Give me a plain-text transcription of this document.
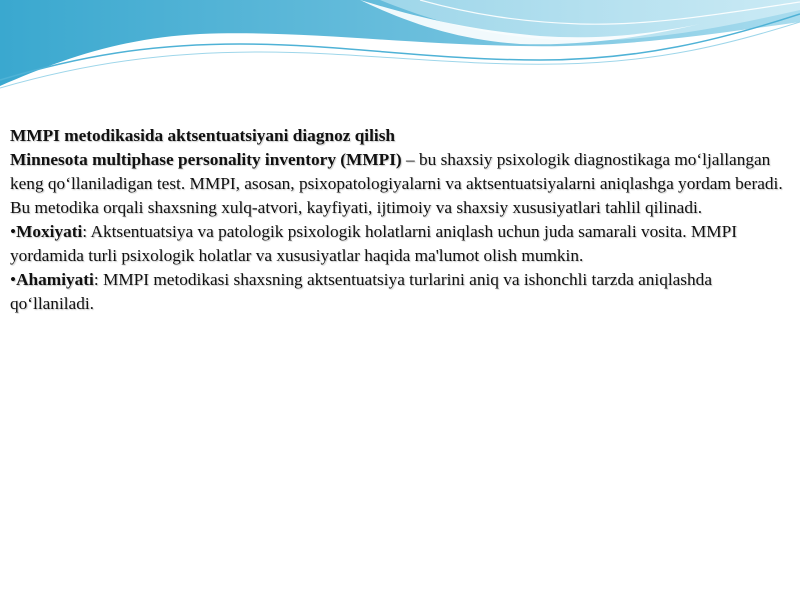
MMPI metodikasida aktsentuatsiyani diagnoz qilish

Minnesota multiphase personality inventory (MMPI) – bu shaxsiy psixologik diagnostikaga mo‘ljallangan keng qo‘llaniladigan test. MMPI, asosan, psixopatologiyalarni va aktsentuatsiyalarni aniqlashga yordam beradi. Bu metodika orqali shaxsning xulq-atvori, kayfiyati, ijtimoiy va shaxsiy xususiyatlari tahlil qilinadi.

•Moxiyati: Aktsentuatsiya va patologik psixologik holatlarni aniqlash uchun juda samarali vosita. MMPI yordamida turli psixologik holatlar va xususiyatlar haqida ma'lumot olish mumkin.

•Ahamiyati: MMPI metodikasi shaxsning aktsentuatsiya turlarini aniq va ishonchli tarzda aniqlashda qo‘llaniladi.
